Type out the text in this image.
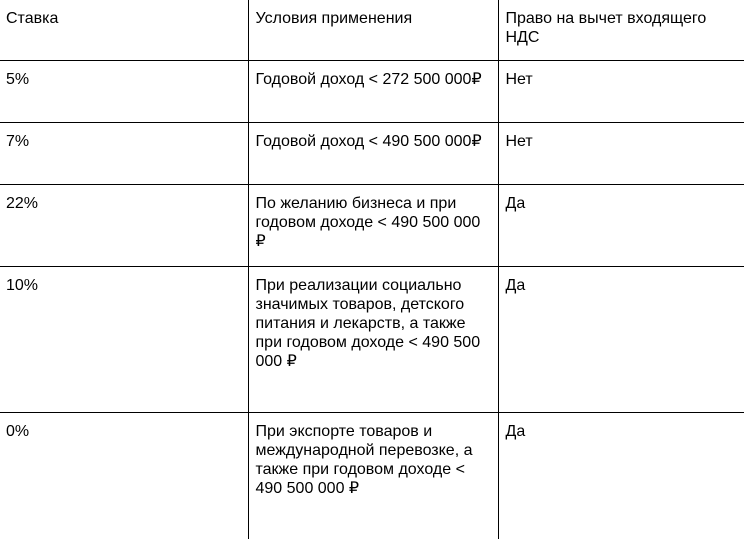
Ставка	Условия применения	Право на вычет входящего НДС
5%	Годовой доход < 272 500 000₽	Нет
7%	Годовой доход < 490 500 000₽	Нет
22%	По желанию бизнеса и при годовом доходе < 490 500 000 ₽	Да
10%	При реализации социально значимых товаров, детского питания и лекарств, а также при годовом доходе < 490 500 000 ₽	Да
0%	При экспорте товаров и международной перевозке, а также при годовом доходе < 490 500 000 ₽	Да
